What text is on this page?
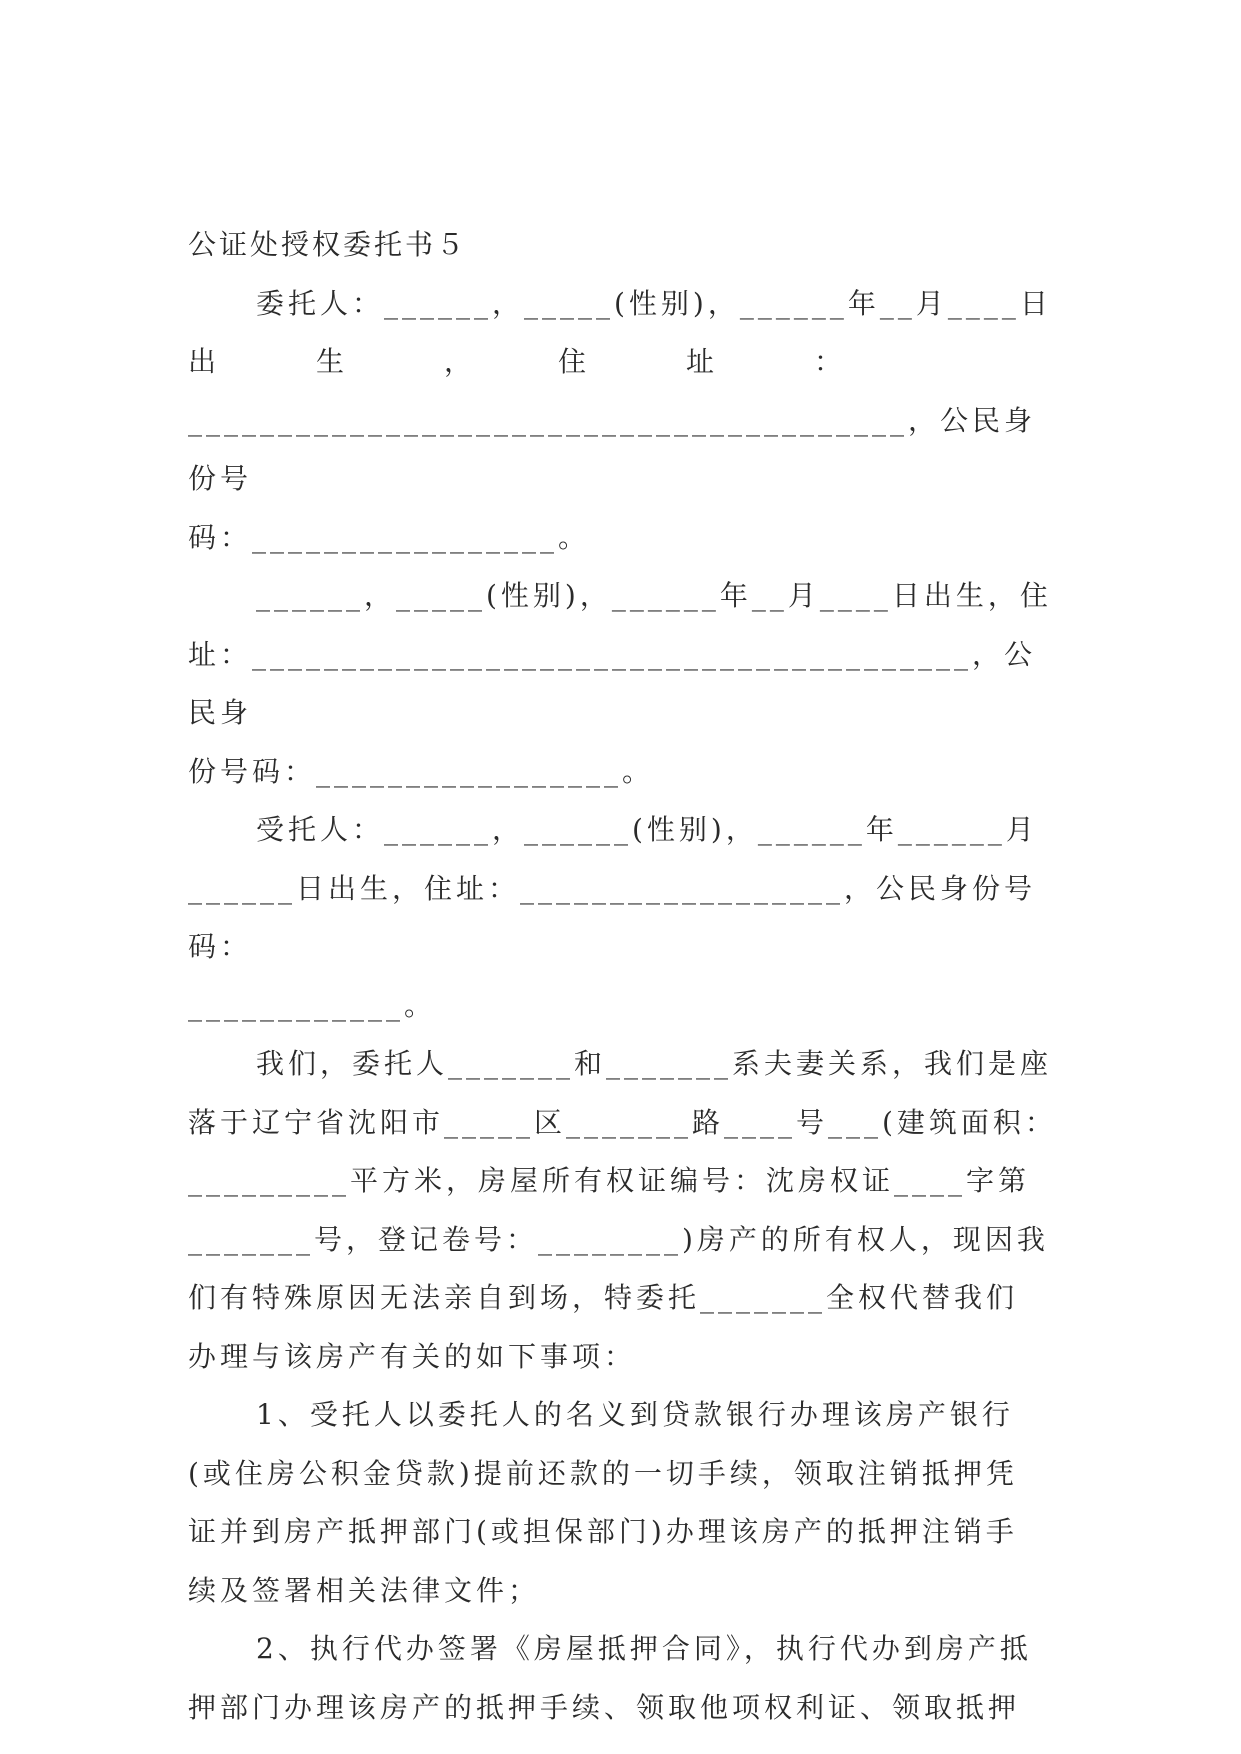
公证处授权委托书５

委托人：______，_____(性别)，______年__月____日
出　　　生　　　，　　　住　　　址　　　：
________________________________________，公民身份号
码：_________________。
______，_____(性别)，______年__月____日出生，住
址：________________________________________，公民身
份号码：_________________。
受托人：______，______(性别)，______年______月
______日出生，住址：__________________，公民身份号码：
____________。
我们，委托人_______和_______系夫妻关系，我们是座
落于辽宁省沈阳市_____区_______路____号___(建筑面积：
_________平方米，房屋所有权证编号：沈房权证____字第
_______号，登记卷号：________)房产的所有权人，现因我
们有特殊原因无法亲自到场，特委托_______全权代替我们
办理与该房产有关的如下事项：
1、受托人以委托人的名义到贷款银行办理该房产银行
(或住房公积金贷款)提前还款的一切手续，领取注销抵押凭
证并到房产抵押部门(或担保部门)办理该房产的抵押注销手
续及签署相关法律文件；
2、执行代办签署《房屋抵押合同》，执行代办到房产抵
押部门办理该房产的抵押手续、领取他项权利证、领取抵押
